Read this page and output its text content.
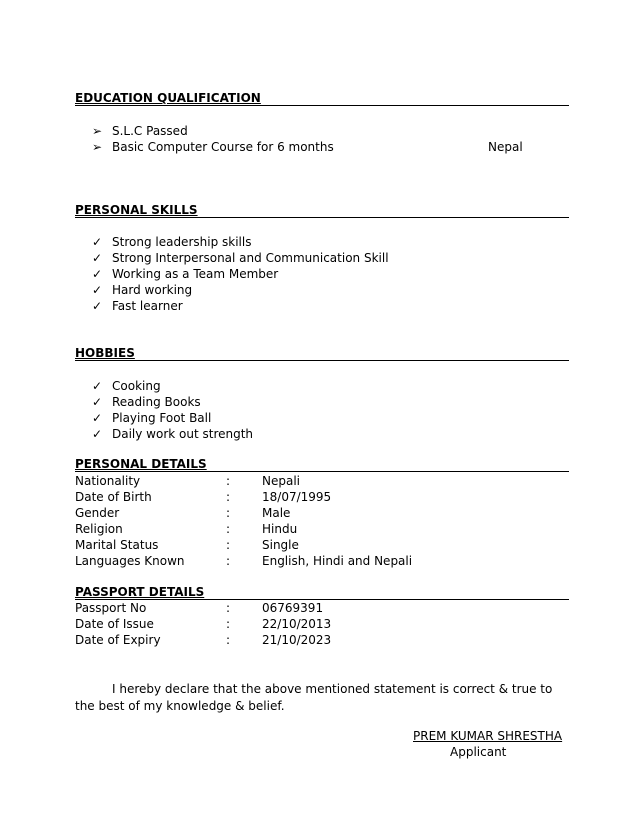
EDUCATION QUALIFICATION
➢ S.L.C Passed
➢ Basic Computer Course for 6 months	Nepal
PERSONAL SKILLS
✓ Strong leadership skills
✓ Strong Interpersonal and Communication Skill
✓ Working as a Team Member
✓ Hard working
✓ Fast learner
HOBBIES
✓ Cooking
✓ Reading Books
✓ Playing Foot Ball
✓ Daily work out strength
PERSONAL DETAILS
Nationality	:	Nepali
Date of Birth	:	18/07/1995
Gender	:	Male
Religion	:	Hindu
Marital Status	:	Single
Languages Known	:	English, Hindi and Nepali
PASSPORT DETAILS
Passport No	:	06769391
Date of Issue	:	22/10/2013
Date of Expiry	:	21/10/2023
I hereby declare that the above mentioned statement is correct & true to the best of my knowledge & belief.
PREM KUMAR SHRESTHA
Applicant
